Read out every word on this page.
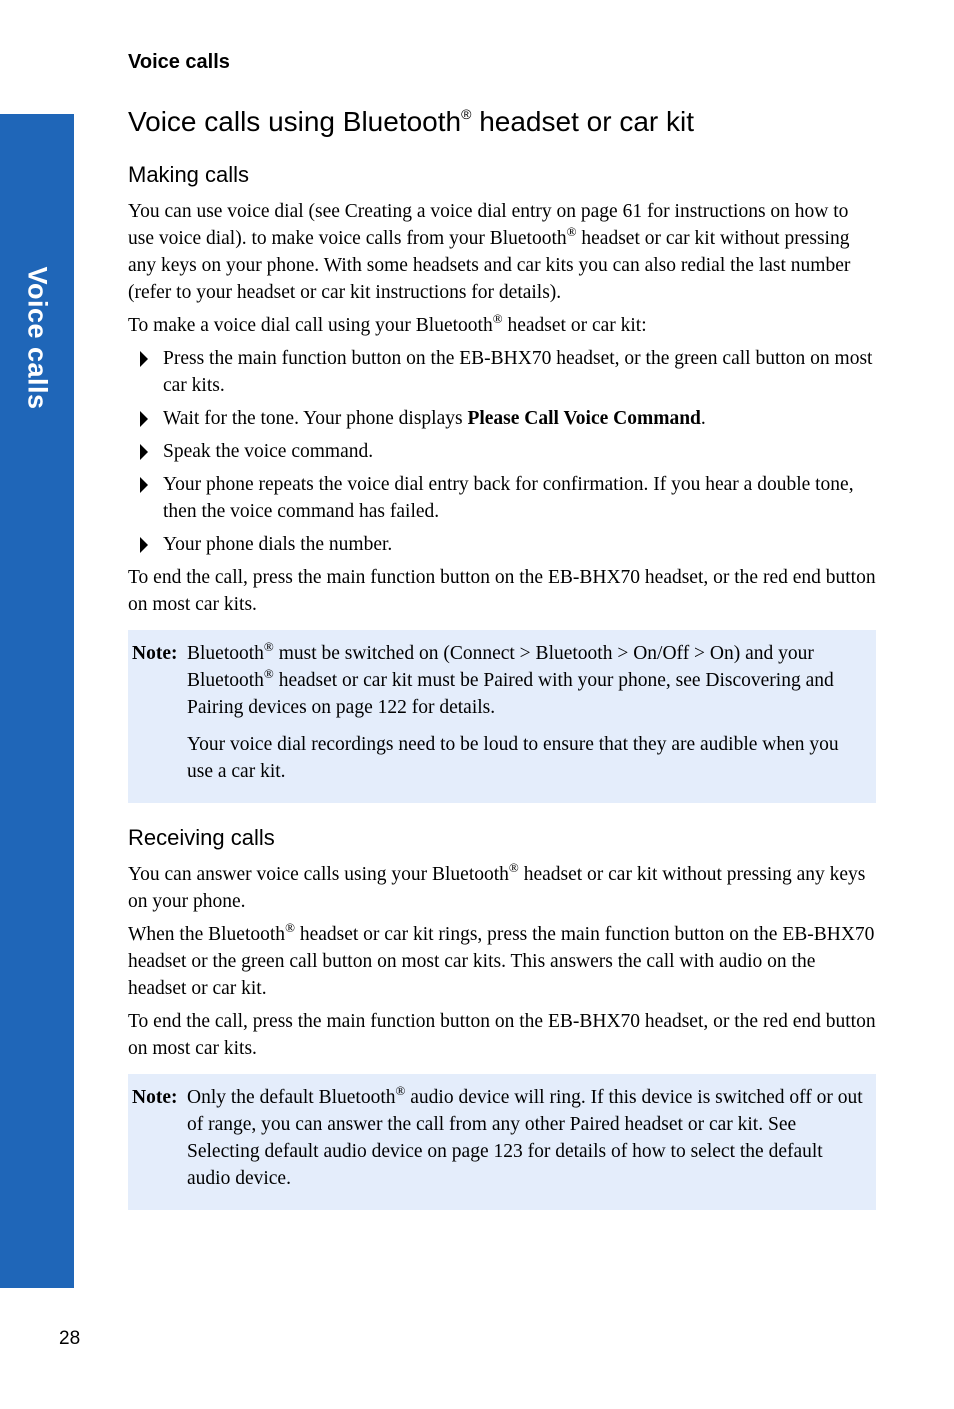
Voice calls
Voice calls
Voice calls using Bluetooth® headset or car kit
Making calls

You can use voice dial (see Creating a voice dial entry on page 61 for instructions on how to use voice dial). to make voice calls from your Bluetooth® headset or car kit without pressing any keys on your phone. With some headsets and car kits you can also redial the last number (refer to your headset or car kit instructions for details).

To make a voice dial call using your Bluetooth® headset or car kit:

Press the main function button on the EB-BHX70 headset, or the green call button on most car kits.
Wait for the tone. Your phone displays Please Call Voice Command.
Speak the voice command.
Your phone repeats the voice dial entry back for confirmation. If you hear a double tone, then the voice command has failed.
Your phone dials the number.

To end the call, press the main function button on the EB-BHX70 headset, or the red end button on most car kits.

Note: Bluetooth® must be switched on (Connect > Bluetooth > On/Off > On) and your Bluetooth® headset or car kit must be Paired with your phone, see Discovering and Pairing devices on page 122 for details.

Your voice dial recordings need to be loud to ensure that they are audible when you use a car kit.

Receiving calls

You can answer voice calls using your Bluetooth® headset or car kit without pressing any keys on your phone.

When the Bluetooth® headset or car kit rings, press the main function button on the EB-BHX70 headset or the green call button on most car kits. This answers the call with audio on the headset or car kit.

To end the call, press the main function button on the EB-BHX70 headset, or the red end button on most car kits.

Note: Only the default Bluetooth® audio device will ring. If this device is switched off or out of range, you can answer the call from any other Paired headset or car kit. See Selecting default audio device on page 123 for details of how to select the default audio device.

28
